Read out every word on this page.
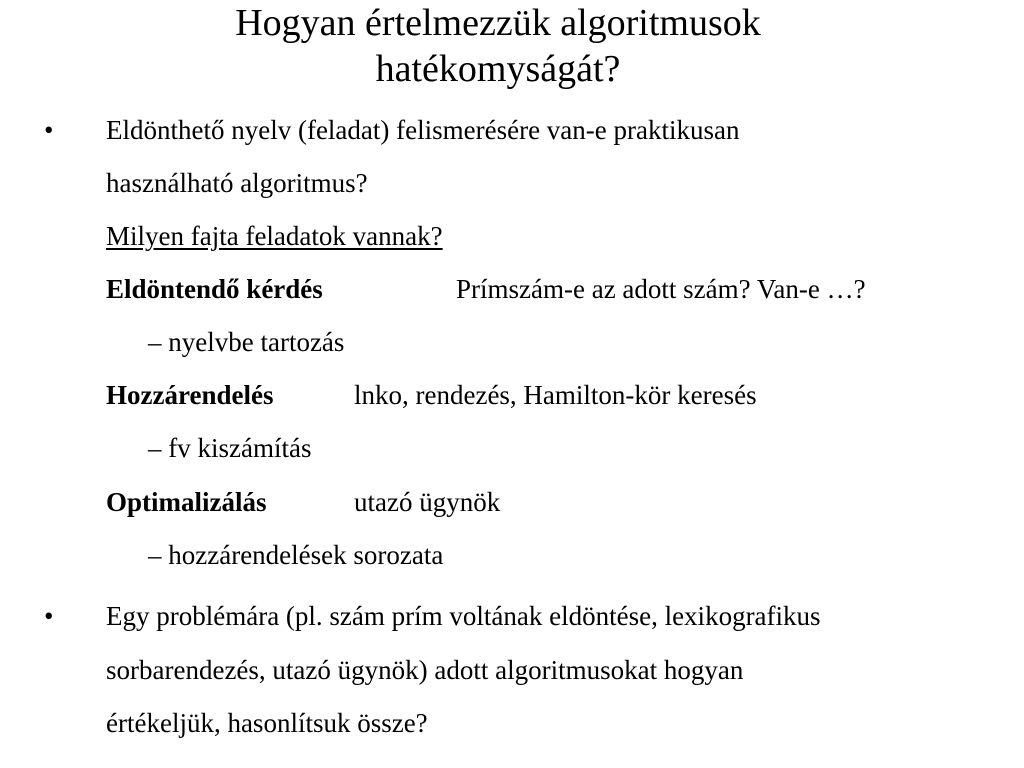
Hogyan értelmezzük algoritmusok
hatékomyságát?
• Eldönthető nyelv (feladat) felismerésére van-e praktikusan
használható algoritmus?
Milyen fajta feladatok vannak?
Eldöntendő kérdés	Prímszám-e az adott szám? Van-e …?
– nyelvbe tartozás
Hozzárendelés	lnko, rendezés, Hamilton-kör keresés
– fv kiszámítás
Optimalizálás	utazó ügynök
– hozzárendelések sorozata
• Egy problémára (pl. szám prím voltának eldöntése, lexikografikus
sorbarendezés, utazó ügynök) adott algoritmusokat hogyan
értékeljük, hasonlítsuk össze?
